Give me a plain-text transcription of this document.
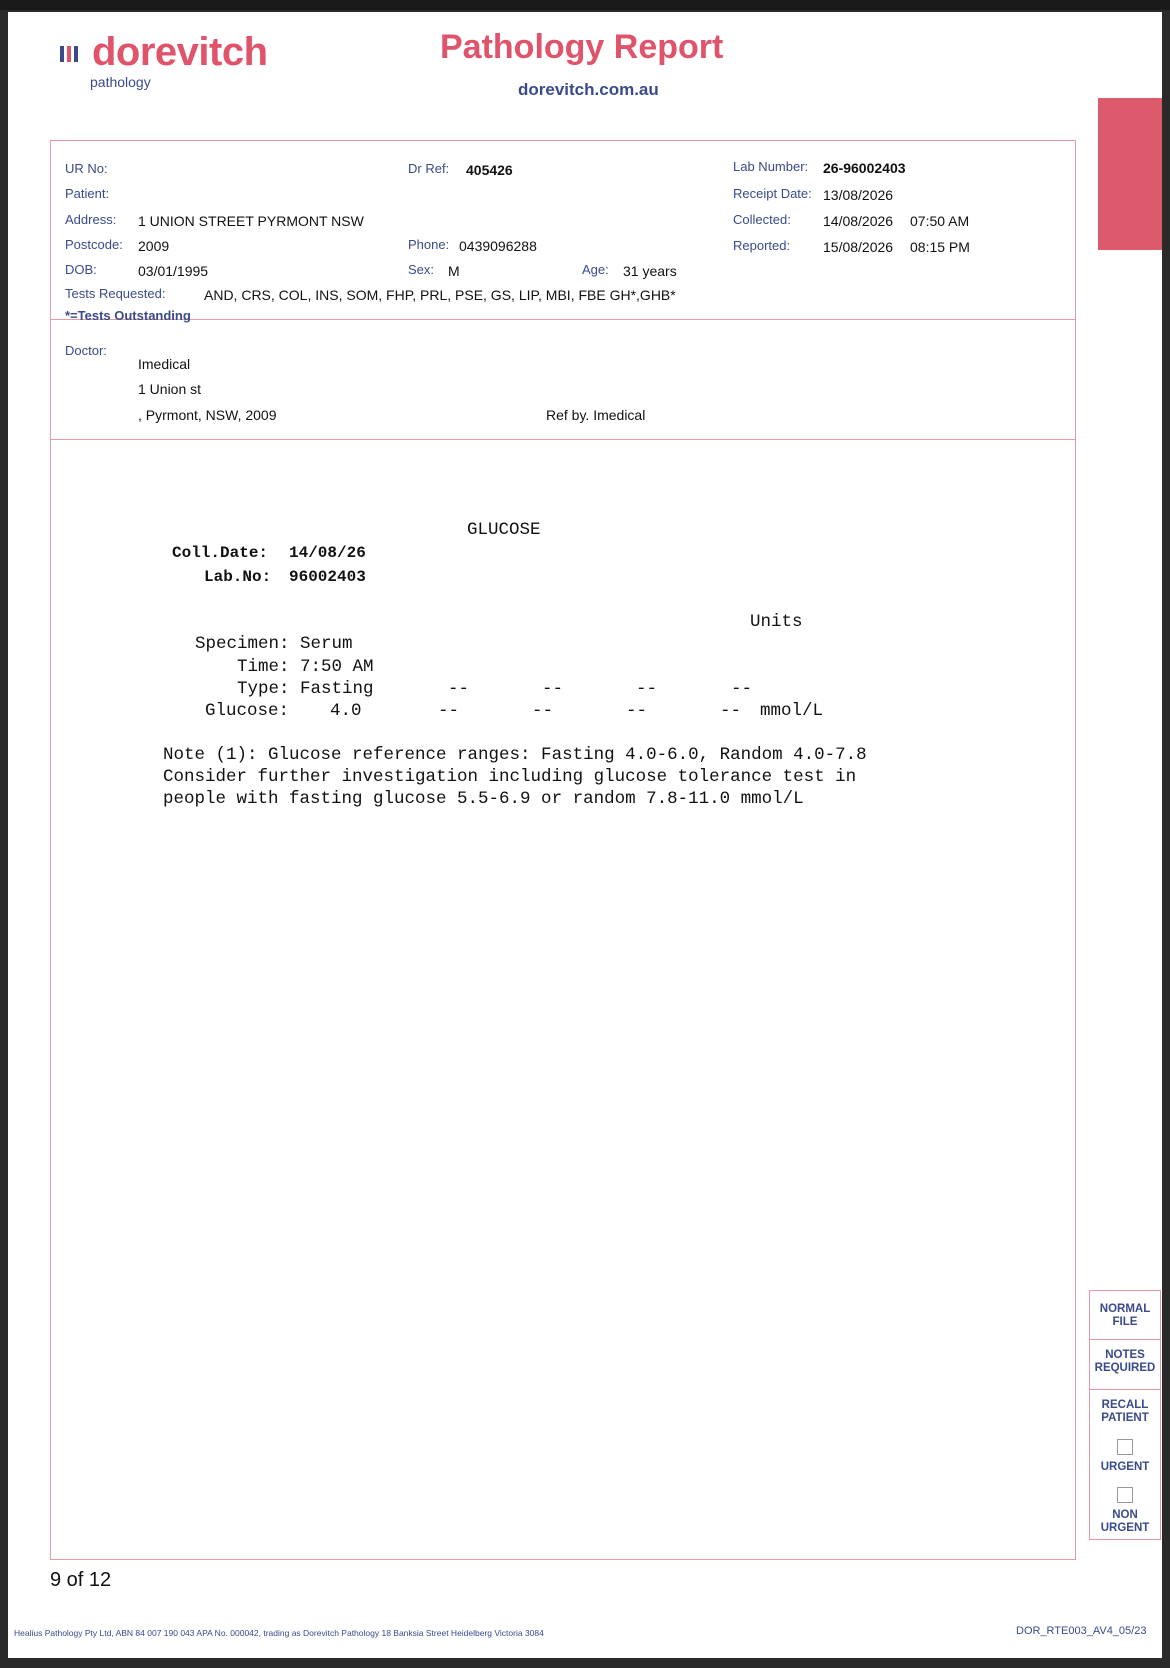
dorevitch
pathology
Pathology Report
dorevitch.com.au
UR No:
Patient:
Address: 1 UNION STREET PYRMONT NSW
Postcode: 2009
DOB:	03/01/1995
Tests Requested:	AND, CRS, COL, INS, SOM, FHP, PRL, PSE, GS, LIP, MBI, FBE GH*,GHB*
*=Tests Outstanding
Dr Ref: 405426
Phone: 0439096288
Sex: M	Age: 31 years
Lab Number: 26-96002403
Receipt Date: 13/08/2026
Collected: 14/08/2026 07:50 AM
Reported: 15/08/2026 08:15 PM
Doctor:
Imedical
1 Union st
, Pyrmont, NSW, 2009	Ref by. Imedical
GLUCOSE
Coll.Date: 14/08/26
Lab.No: 96002403
Units
Specimen: Serum
Time: 7:50 AM
Type: Fasting	--	--	--	--
Glucose: 4.0	--	--	--	-- mmol/L
Note (1): Glucose reference ranges: Fasting 4.0-6.0, Random 4.0-7.8
Consider further investigation including glucose tolerance test in
people with fasting glucose 5.5-6.9 or random 7.8-11.0 mmol/L
NORMAL
FILE
NOTES
REQUIRED
RECALL
PATIENT
URGENT
NON
URGENT
9 of 12
Healius Pathology Pty Ltd, ABN 84 007 190 043 APA No. 000042, trading as Dorevitch Pathology 18 Banksia Street Heidelberg Victoria 3084	DOR_RTE003_AV4_05/23
